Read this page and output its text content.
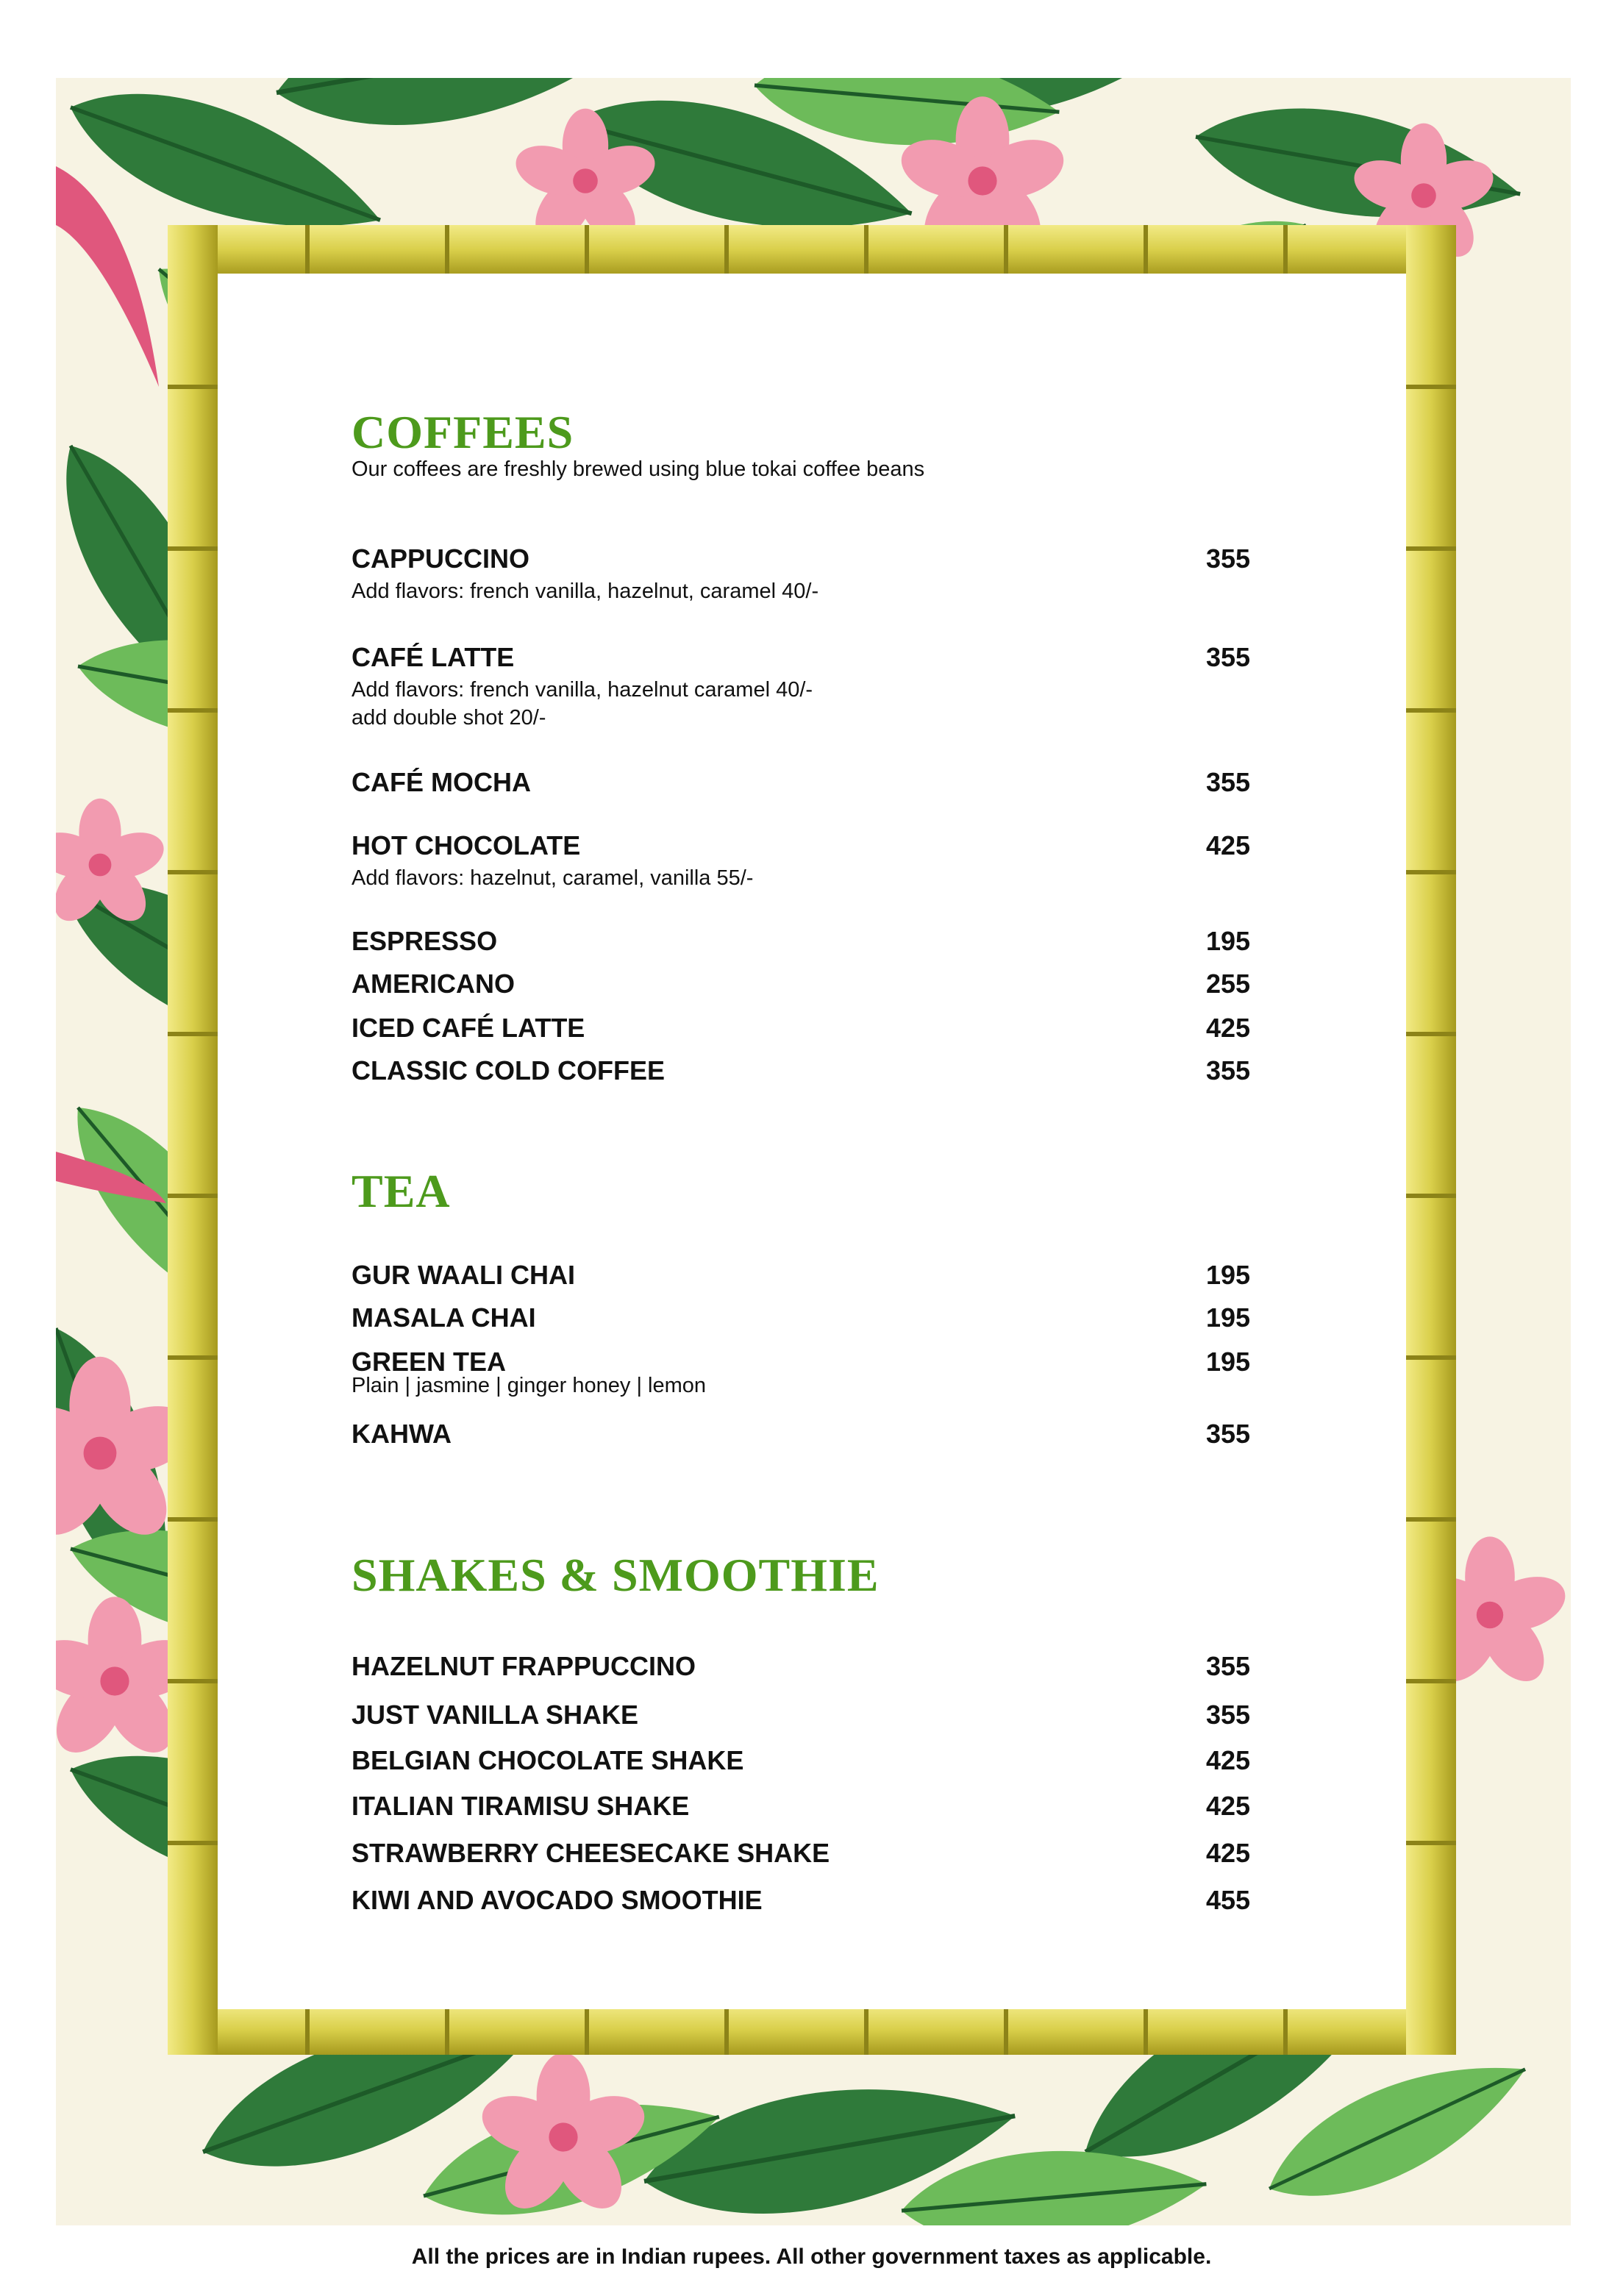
COFFEES
Our coffees are freshly brewed using blue tokai coffee beans
CAPPUCCINO	355
Add flavors: french vanilla, hazelnut, caramel 40/-
CAFÉ LATTE	355
Add flavors: french vanilla, hazelnut caramel 40/-
add double shot 20/-
CAFÉ MOCHA	355
HOT CHOCOLATE	425
Add flavors: hazelnut, caramel, vanilla 55/-
ESPRESSO	195
AMERICANO	255
ICED CAFÉ LATTE	425
CLASSIC COLD COFFEE	355
TEA
GUR WAALI CHAI	195
MASALA CHAI	195
GREEN TEA	195
Plain | jasmine | ginger honey | lemon
KAHWA	355
SHAKES & SMOOTHIE
HAZELNUT FRAPPUCCINO	355
JUST VANILLA SHAKE	355
BELGIAN CHOCOLATE SHAKE	425
ITALIAN TIRAMISU SHAKE	425
STRAWBERRY CHEESECAKE SHAKE	425
KIWI AND AVOCADO SMOOTHIE	455
All the prices are in Indian rupees. All other government taxes as applicable.
